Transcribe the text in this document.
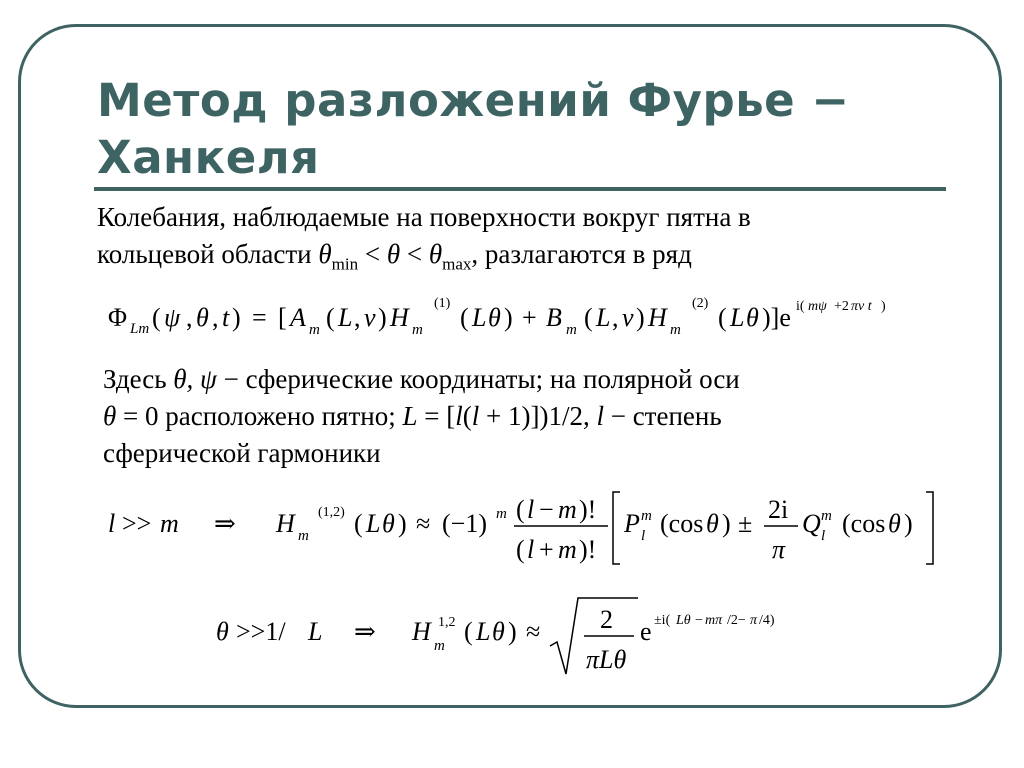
Метод разложений Фурье −
Ханкеля
Колебания, наблюдаемые на поверхности вокруг пятна в
кольцевой области $\theta_{min} < \theta < \theta_{max}$, разлагаются в ряд
Φ Lm ( ψ , θ , t ) = [ A m ( L , ν ) H m
(1) ( L θ ) + B m ( L , ν ) H m
(2) ( L θ )]e i( mψ +2 πν t )
Здесь θ, ψ − сферические координаты; на полярной оси
θ = 0 расположено пятно; L = [l(l + 1)])1/2, l − степень
сферической гармоники
l >> m ⇒ H m
(1,2) ( L θ ) ≈ (−1) m ( l − m )!
( l + m )!
P m
l (cos θ ) ± 2i
π
Q m
l (cos θ )
θ >>1/ L ⇒ H m
1,2 ( L θ ) ≈ 2
πLθ
e ±i( Lθ − mπ /2− π /4)
